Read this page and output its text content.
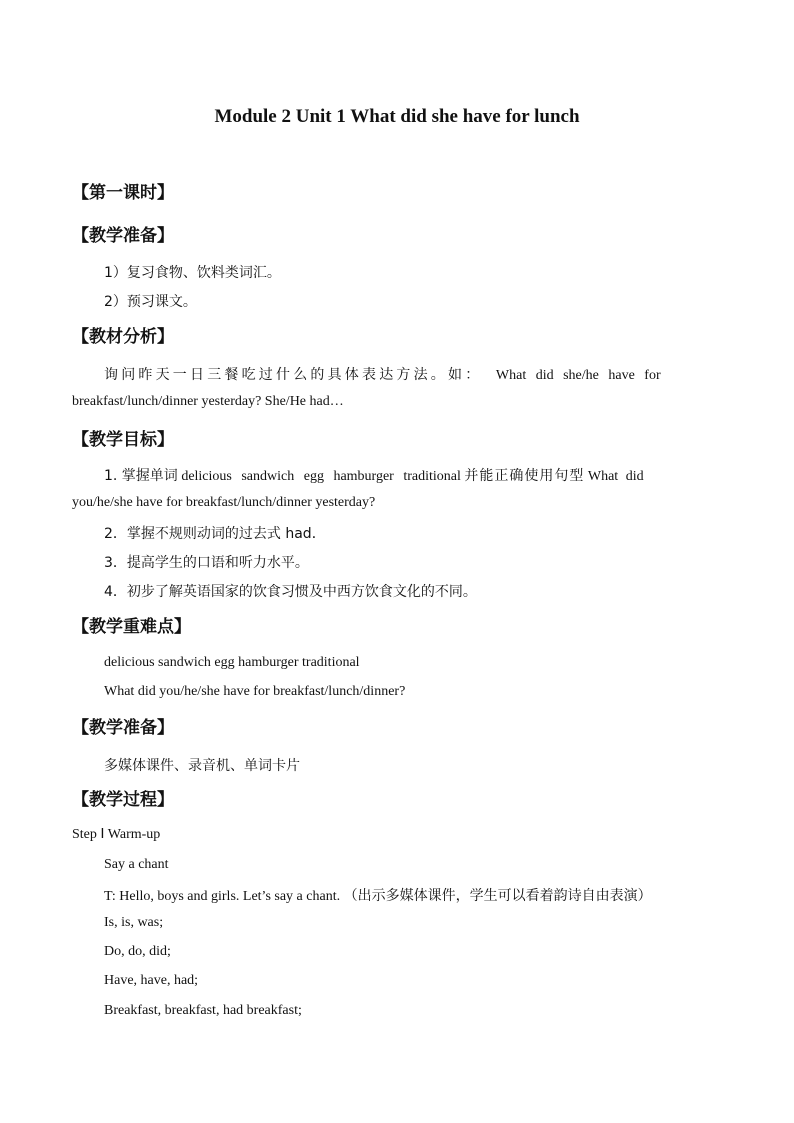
Module 2 Unit 1 What did she have for lunch
【第一课时】
【教学准备】
1）复习食物、饮料类词汇。
2）预习课文。
【教材分析】
询问昨天一日三餐吃过什么的具体表达方法。如： What did she/he have for
breakfast/lunch/dinner yesterday? She/He had…
【教学目标】
1. 掌握单词 delicious sandwich egg hamburger traditional 并能正确使用句型 What did
you/he/she have for breakfast/lunch/dinner yesterday?
2．掌握不规则动词的过去式 had．
3．提高学生的口语和听力水平。
4．初步了解英语国家的饮食习惯及中西方饮食文化的不同。
【教学重难点】
delicious sandwich egg hamburger traditional
What did you/he/she have for breakfast/lunch/dinner?
【教学准备】
多媒体课件、录音机、单词卡片
【教学过程】
Step Ⅰ Warm-up
Say a chant
T: Hello, boys and girls. Let’s say a chant. （出示多媒体课件，学生可以看着韵诗自由表演）
Is, is, was;
Do, do, did;
Have, have, had;
Breakfast, breakfast, had breakfast;
